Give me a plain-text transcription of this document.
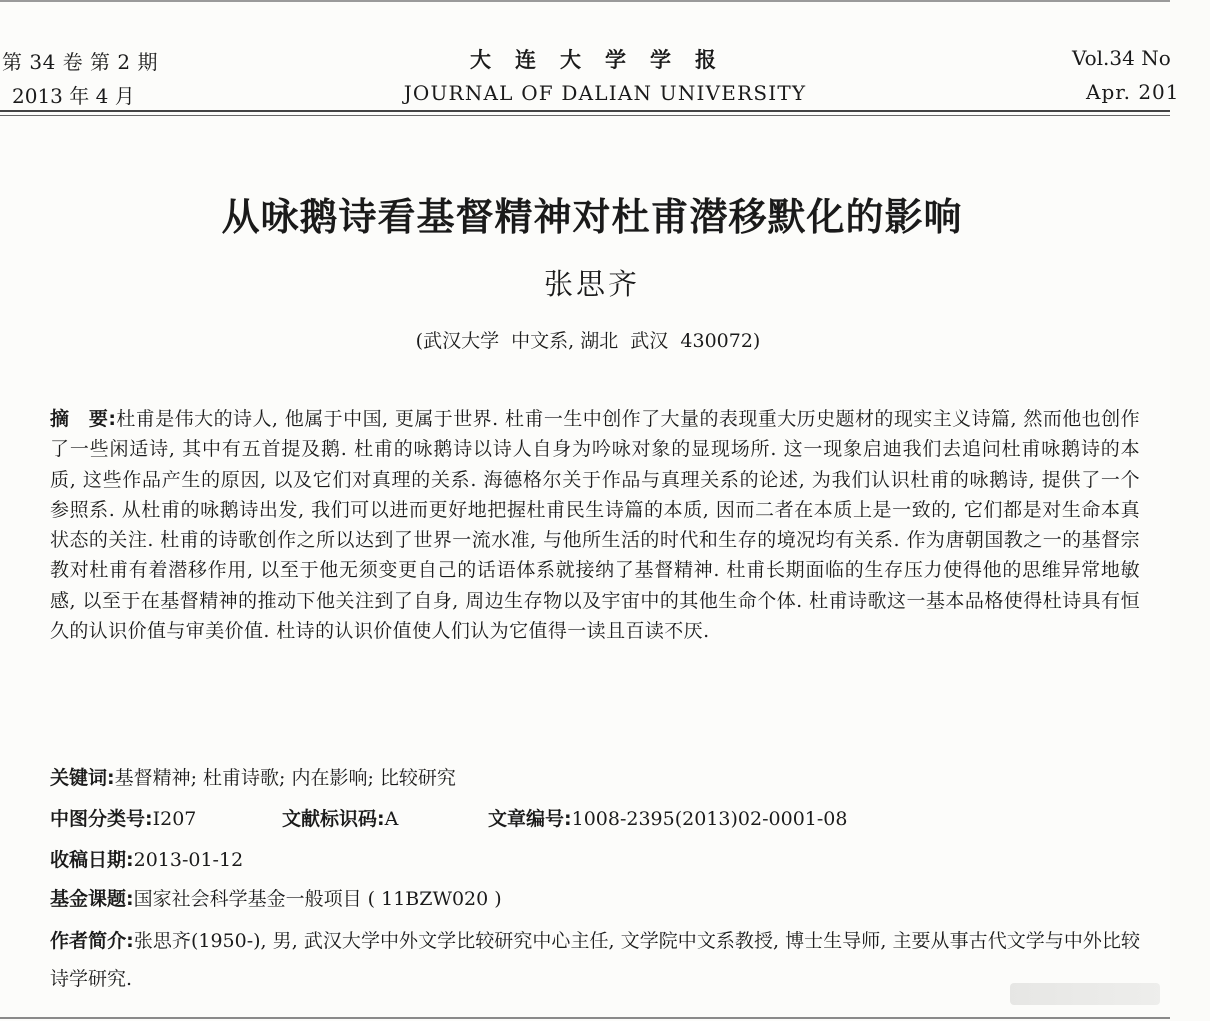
第 34 卷 第 2 期
2013 年 4 月
大连大学学报
JOURNAL OF DALIAN UNIVERSITY
Vol.34 No
Apr. 201
从咏鹅诗看基督精神对杜甫潜移默化的影响
张思齐
(武汉大学  中文系, 湖北  武汉  430072)
摘　要:杜甫是伟大的诗人, 他属于中国, 更属于世界. 杜甫一生中创作了大量的表现重大历史题材的现实主义诗篇, 然而他也创作了一些闲适诗, 其中有五首提及鹅. 杜甫的咏鹅诗以诗人自身为吟咏对象的显现场所. 这一现象启迪我们去追问杜甫咏鹅诗的本质, 这些作品产生的原因, 以及它们对真理的关系. 海德格尔关于作品与真理关系的论述, 为我们认识杜甫的咏鹅诗, 提供了一个参照系. 从杜甫的咏鹅诗出发, 我们可以进而更好地把握杜甫民生诗篇的本质, 因而二者在本质上是一致的, 它们都是对生命本真状态的关注. 杜甫的诗歌创作之所以达到了世界一流水准, 与他所生活的时代和生存的境况均有关系. 作为唐朝国教之一的基督宗教对杜甫有着潜移作用, 以至于他无须变更自己的话语体系就接纳了基督精神. 杜甫长期面临的生存压力使得他的思维异常地敏感, 以至于在基督精神的推动下他关注到了自身, 周边生存物以及宇宙中的其他生命个体. 杜甫诗歌这一基本品格使得杜诗具有恒久的认识价值与审美价值. 杜诗的认识价值使人们认为它值得一读且百读不厌.
关键词:基督精神; 杜甫诗歌; 内在影响; 比较研究

中图分类号:I207

	文献标识码:A

	文章编号:1008-2395(2013)02-0001-08

收稿日期:2013-01-12
基金课题:国家社会科学基金一般项目 ( 11BZW020 )
作者简介:张思齐(1950-), 男, 武汉大学中外文学比较研究中心主任, 文学院中文系教授, 博士生导师, 主要从事古代文学与中外比较诗学研究.
